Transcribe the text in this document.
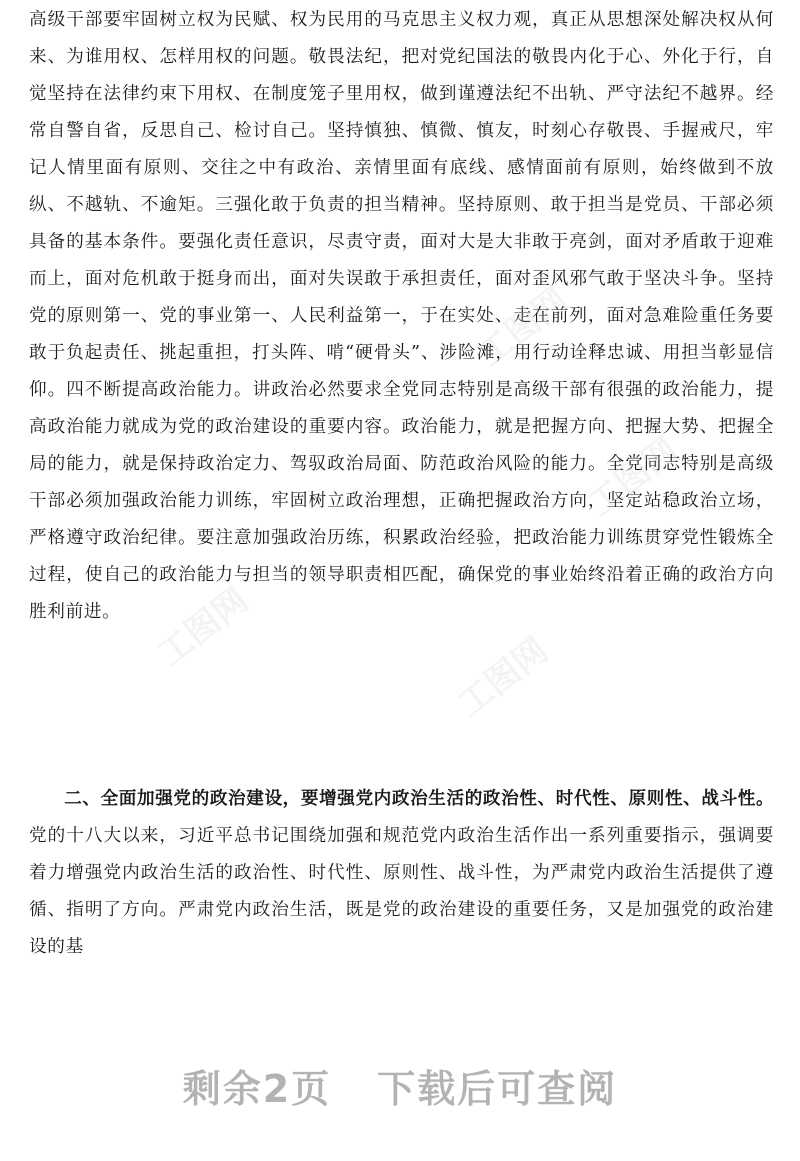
高级干部要牢固树立权为民赋、权为民用的马克思主义权力观，真正从思想深处解决权从何来、为谁用权、怎样用权的问题。敬畏法纪，把对党纪国法的敬畏内化于心、外化于行，自觉坚持在法律约束下用权、在制度笼子里用权，做到谨遵法纪不出轨、严守法纪不越界。经常自警自省，反思自己、检讨自己。坚持慎独、慎微、慎友，时刻心存敬畏、手握戒尺，牢记人情里面有原则、交往之中有政治、亲情里面有底线、感情面前有原则，始终做到不放纵、不越轨、不逾矩。三强化敢于负责的担当精神。坚持原则、敢于担当是党员、干部必须具备的基本条件。要强化责任意识，尽责守责，面对大是大非敢于亮剑，面对矛盾敢于迎难而上，面对危机敢于挺身而出，面对失误敢于承担责任，面对歪风邪气敢于坚决斗争。坚持党的原则第一、党的事业第一、人民利益第一，于在实处、走在前列，面对急难险重任务要敢于负起责任、挑起重担，打头阵、啃“硬骨头”、涉险滩，用行动诠释忠诚、用担当彰显信仰。四不断提高政治能力。讲政治必然要求全党同志特别是高级干部有很强的政治能力，提高政治能力就成为党的政治建设的重要内容。政治能力，就是把握方向、把握大势、把握全局的能力，就是保持政治定力、驾驭政治局面、防范政治风险的能力。全党同志特别是高级干部必须加强政治能力训练，牢固树立政治理想，正确把握政治方向，坚定站稳政治立场，严格遵守政治纪律。要注意加强政治历练，积累政治经验，把政治能力训练贯穿党性锻炼全过程，使自己的政治能力与担当的领导职责相匹配，确保党的事业始终沿着正确的政治方向胜利前进。

二、全面加强党的政治建设，要增强党内政治生活的政治性、时代性、原则性、战斗性。党的十八大以来，习近平总书记围绕加强和规范党内政治生活作出一系列重要指示，强调要着力增强党内政治生活的政治性、时代性、原则性、战斗性，为严肃党内政治生活提供了遵循、指明了方向。严肃党内政治生活，既是党的政治建设的重要任务，又是加强党的政治建设的基

工图网
工图网
工图网
工图网
剩余2页 下载后可查阅
